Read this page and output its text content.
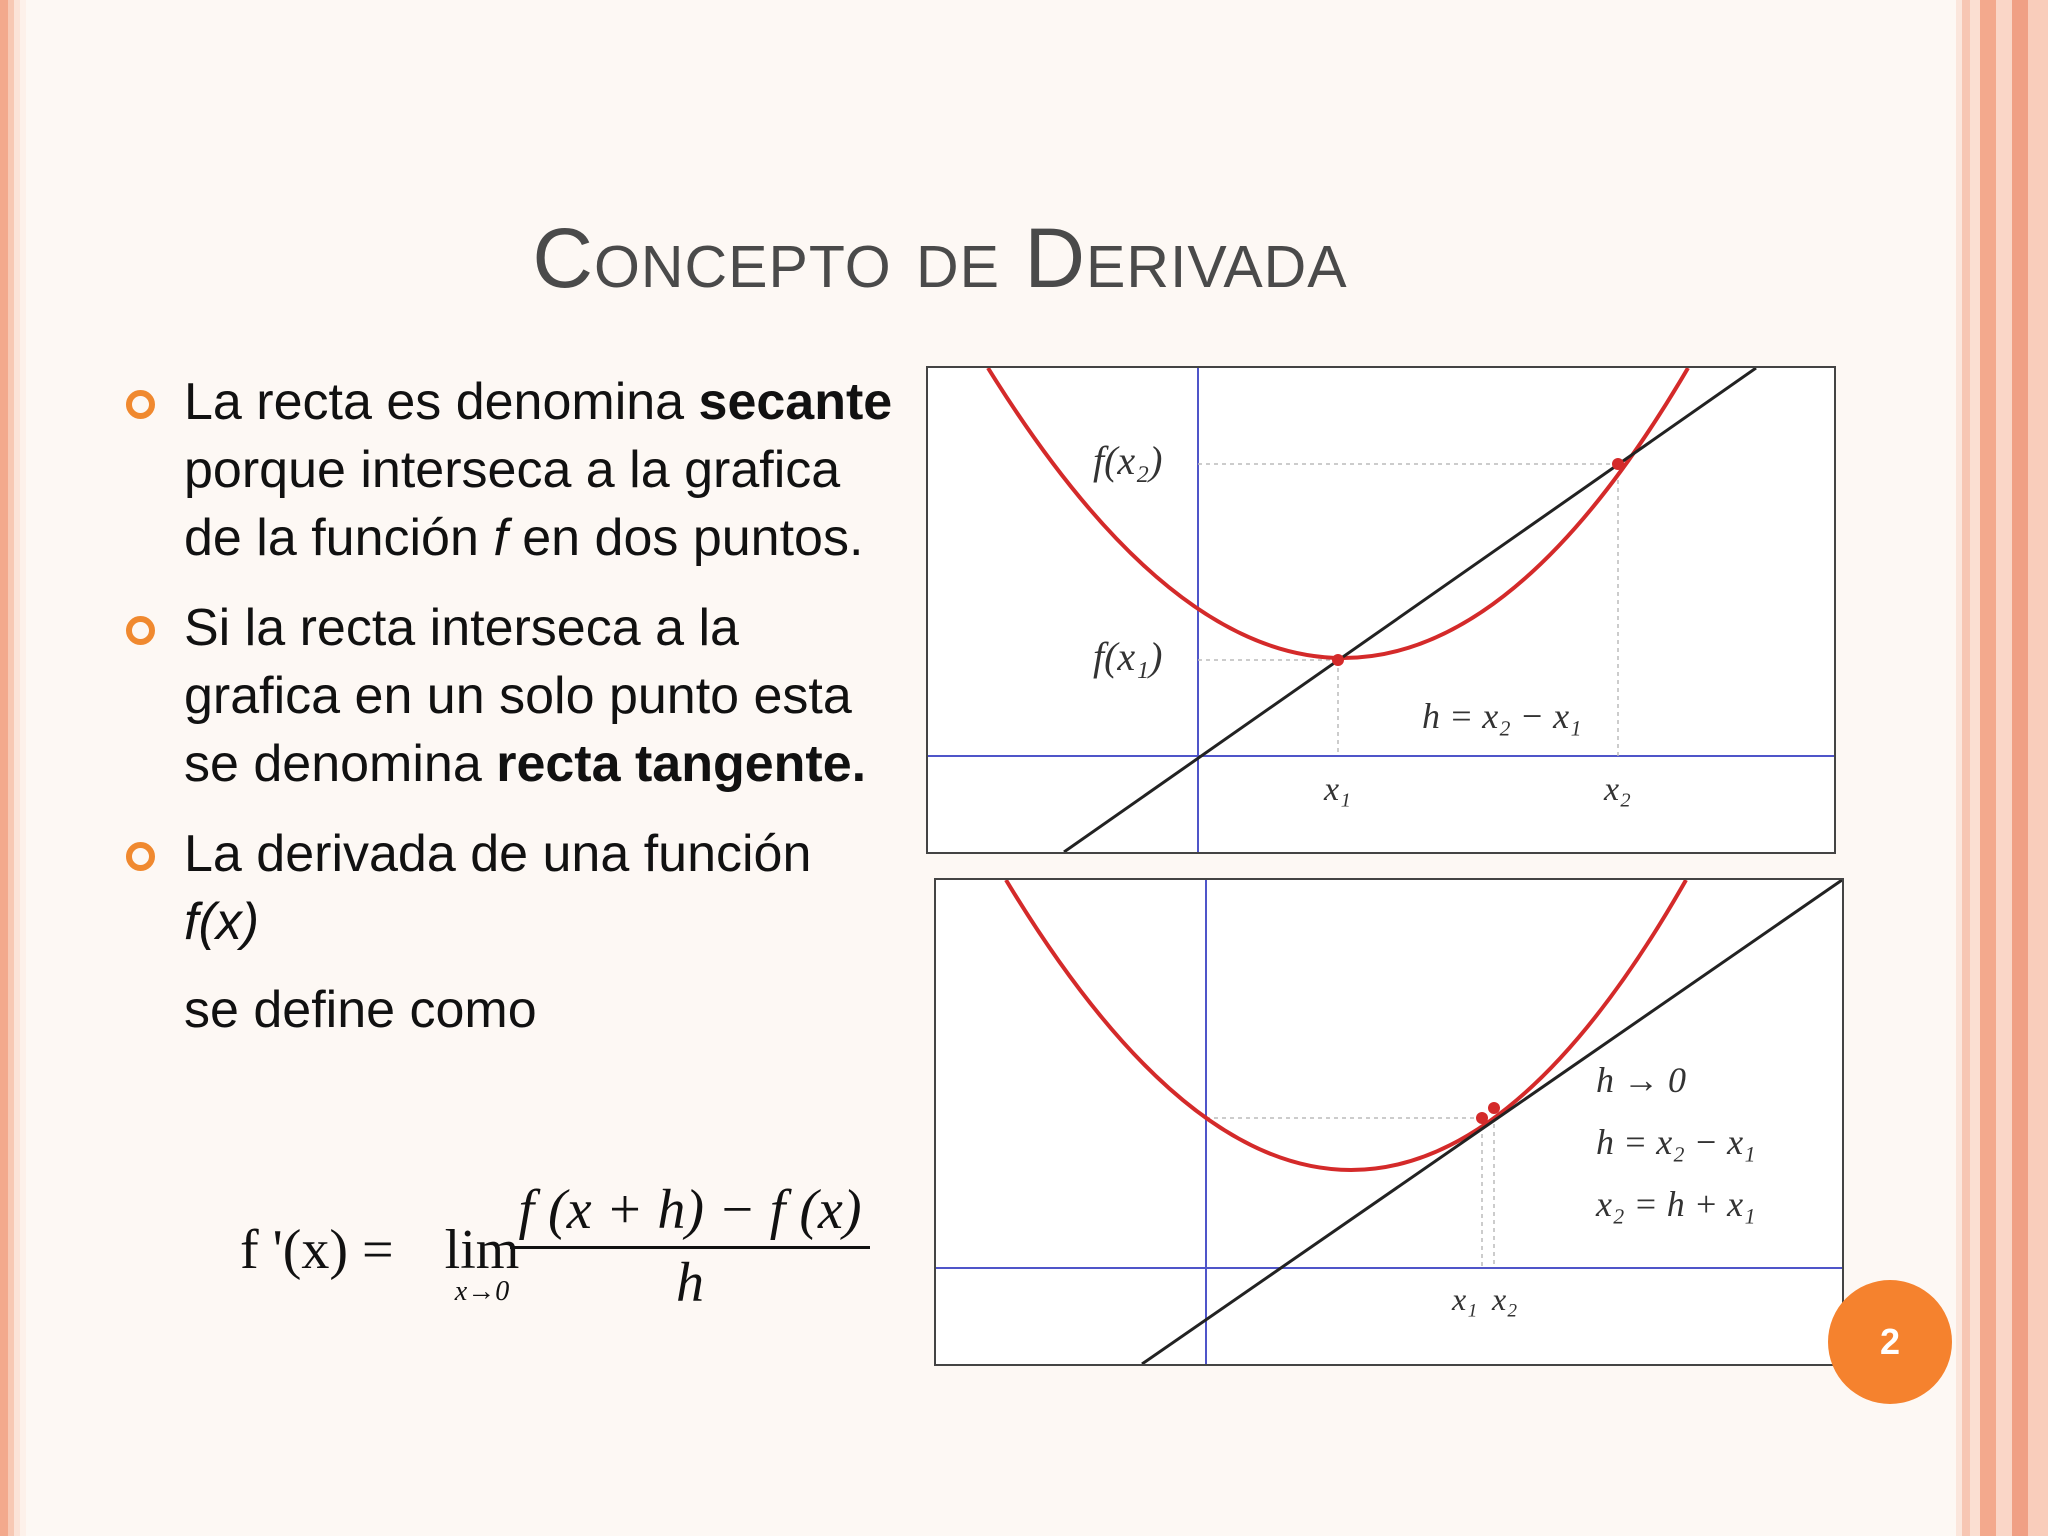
Concepto de Derivada
La recta es denomina secante porque interseca a la grafica de la función f en dos puntos.
Si la recta interseca a la grafica en un solo punto esta se denomina recta tangente.
La derivada de una función f(x)
se define como
f '(x) = lim
$x\to 0 \frac{f (x + h) - f (x)}{h}$
f(x₂)
f(x₁)
h = x₂ − x₁
x₁	x₂
h → 0
h = x₂ − x₁
x₂ = h + x₁
x₁ x₂
2
